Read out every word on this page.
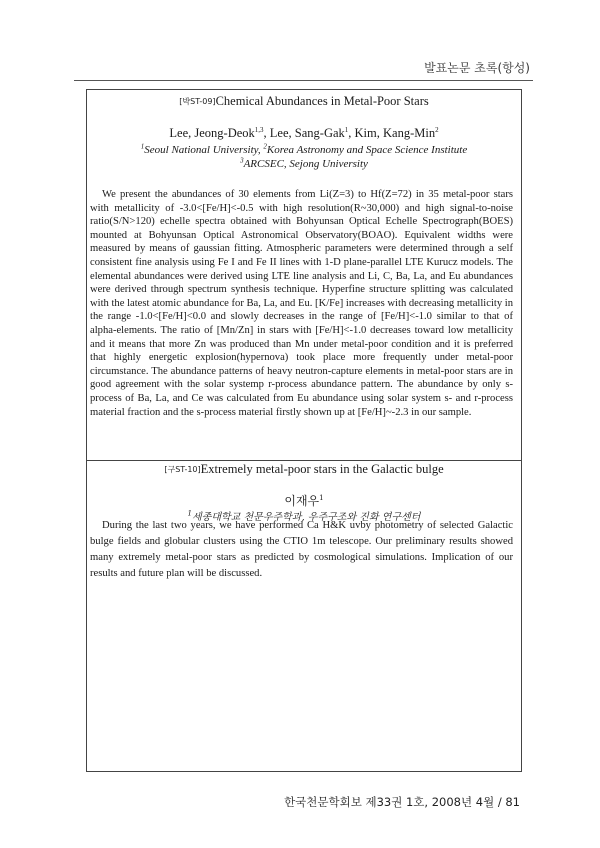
발표논문 초록(항성)
[박ST-09]Chemical Abundances in Metal-Poor Stars
Lee, Jeong-Deok$^{1,3}$, Lee, Sang-Gak$^1$, Kim, Kang-Min$^2$
$^1$Seoul National University, $^2$Korea Astronomy and Space Science Institute
$^3$ARCSEC, Sejong University
We present the abundances of 30 elements from Li(Z=3) to Hf(Z=72) in 35 metal-poor stars with metallicity of -3.0<[Fe/H]<-0.5 with high resolution(R~30,000) and high signal-to-noise ratio(S/N>120) echelle spectra obtained with Bohyunsan Optical Echelle Spectrograph(BOES) mounted at Bohyunsan Optical Astronomical Observatory(BOAO). Equivalent widths were measured by means of gaussian fitting. Atmospheric parameters were determined through a self consistent fine analysis using Fe I and Fe II lines with 1-D plane-parallel LTE Kurucz models. The elemental abundances were derived using LTE line analysis and Li, C, Ba, La, and Eu abundances were derived through spectrum synthesis technique. Hyperfine structure splitting was calculated with the latest atomic abundance for Ba, La, and Eu. [K/Fe] increases with decreasing metallicity in the range -1.0<[Fe/H]<0.0 and slowly decreases in the range of [Fe/H]<-1.0 similar to that of alpha-elements. The ratio of [Mn/Zn] in stars with [Fe/H]<-1.0 decreases toward low metallicity and it means that more Zn was produced than Mn under metal-poor condition and it is preferred that highly energetic explosion(hypernova) took place more frequently under metal-poor circumstance. The abundance patterns of heavy neutron-capture elements in metal-poor stars are in good agreement with the solar systemp r-process abundance pattern. The abundance by only s-process of Ba, La, and Ce was calculated from Eu abundance using solar system s- and r-process material fraction and the s-process material firstly shown up at [Fe/H]~-2.3 in our sample.
[구ST-10]Extremely metal-poor stars in the Galactic bulge
이재우$^1$
$^1$세종대학교 천문우주학과, 우주구조와 진화 연구센터
During the last two years, we have performed Ca H&K uvby photometry of selected Galactic bulge fields and globular clusters using the CTIO 1m telescope. Our preliminary results showed many extremely metal-poor stars as predicted by cosmological simulations. Implication of our results and future plan will be discussed.
한국천문학회보 제33권 1호, 2008년 4월 / 81
